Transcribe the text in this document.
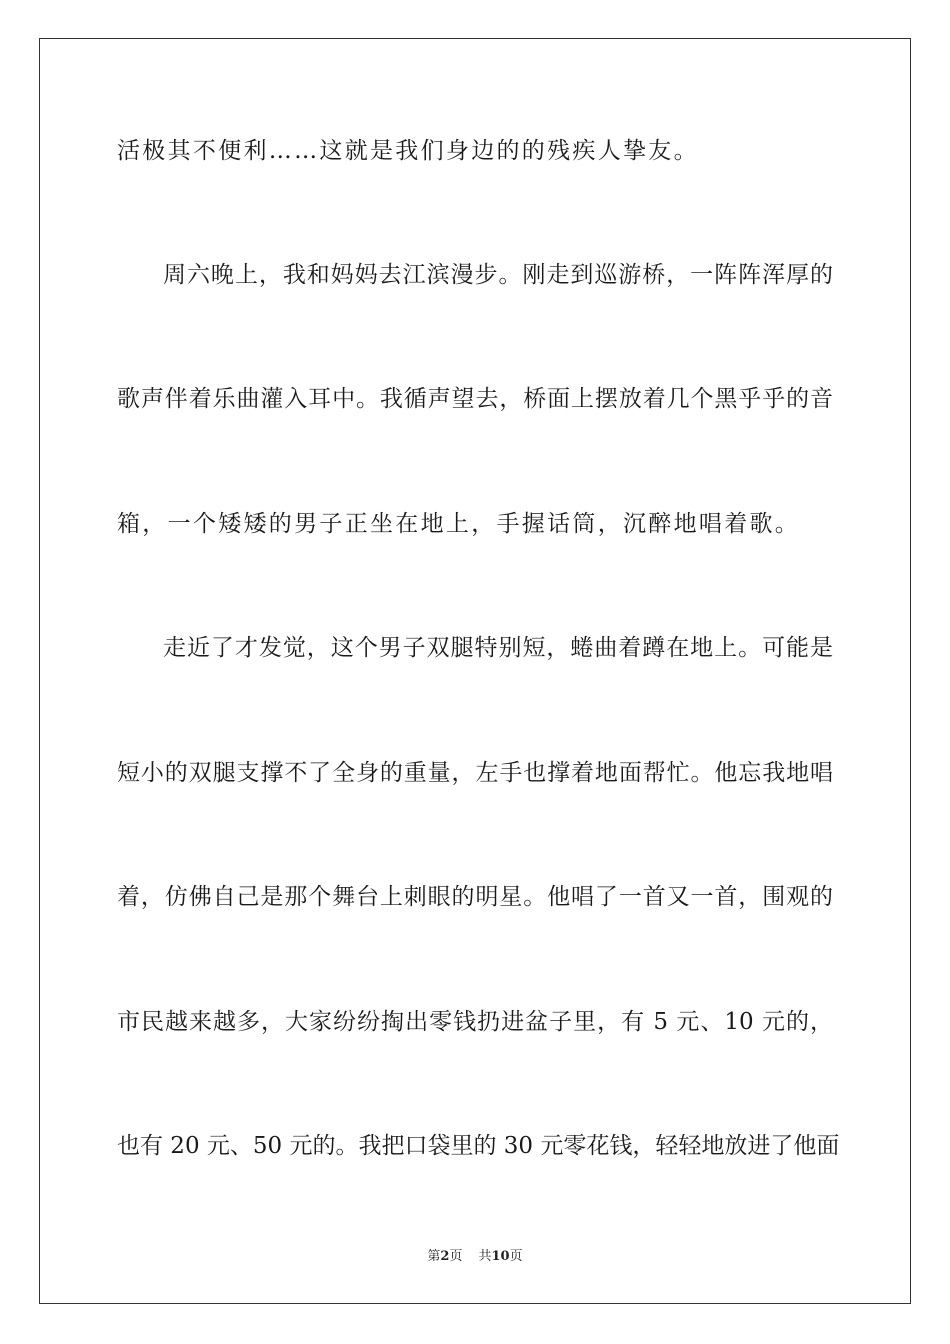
活极其不便利……这就是我们身边的的残疾人挚友。
周六晚上，我和妈妈去江滨漫步。刚走到巡游桥，一阵阵浑厚的
歌声伴着乐曲灌入耳中。我循声望去，桥面上摆放着几个黑乎乎的音
箱，一个矮矮的男子正坐在地上，手握话筒，沉醉地唱着歌。
走近了才发觉，这个男子双腿特别短，蜷曲着蹲在地上。可能是
短小的双腿支撑不了全身的重量，左手也撑着地面帮忙。他忘我地唱
着，仿佛自己是那个舞台上刺眼的明星。他唱了一首又一首，围观的
市民越来越多，大家纷纷掏出零钱扔进盆子里，有 5 元、10 元的，
也有 20 元、50 元的。我把口袋里的 30 元零花钱，轻轻地放进了他面
第2页 共10页
